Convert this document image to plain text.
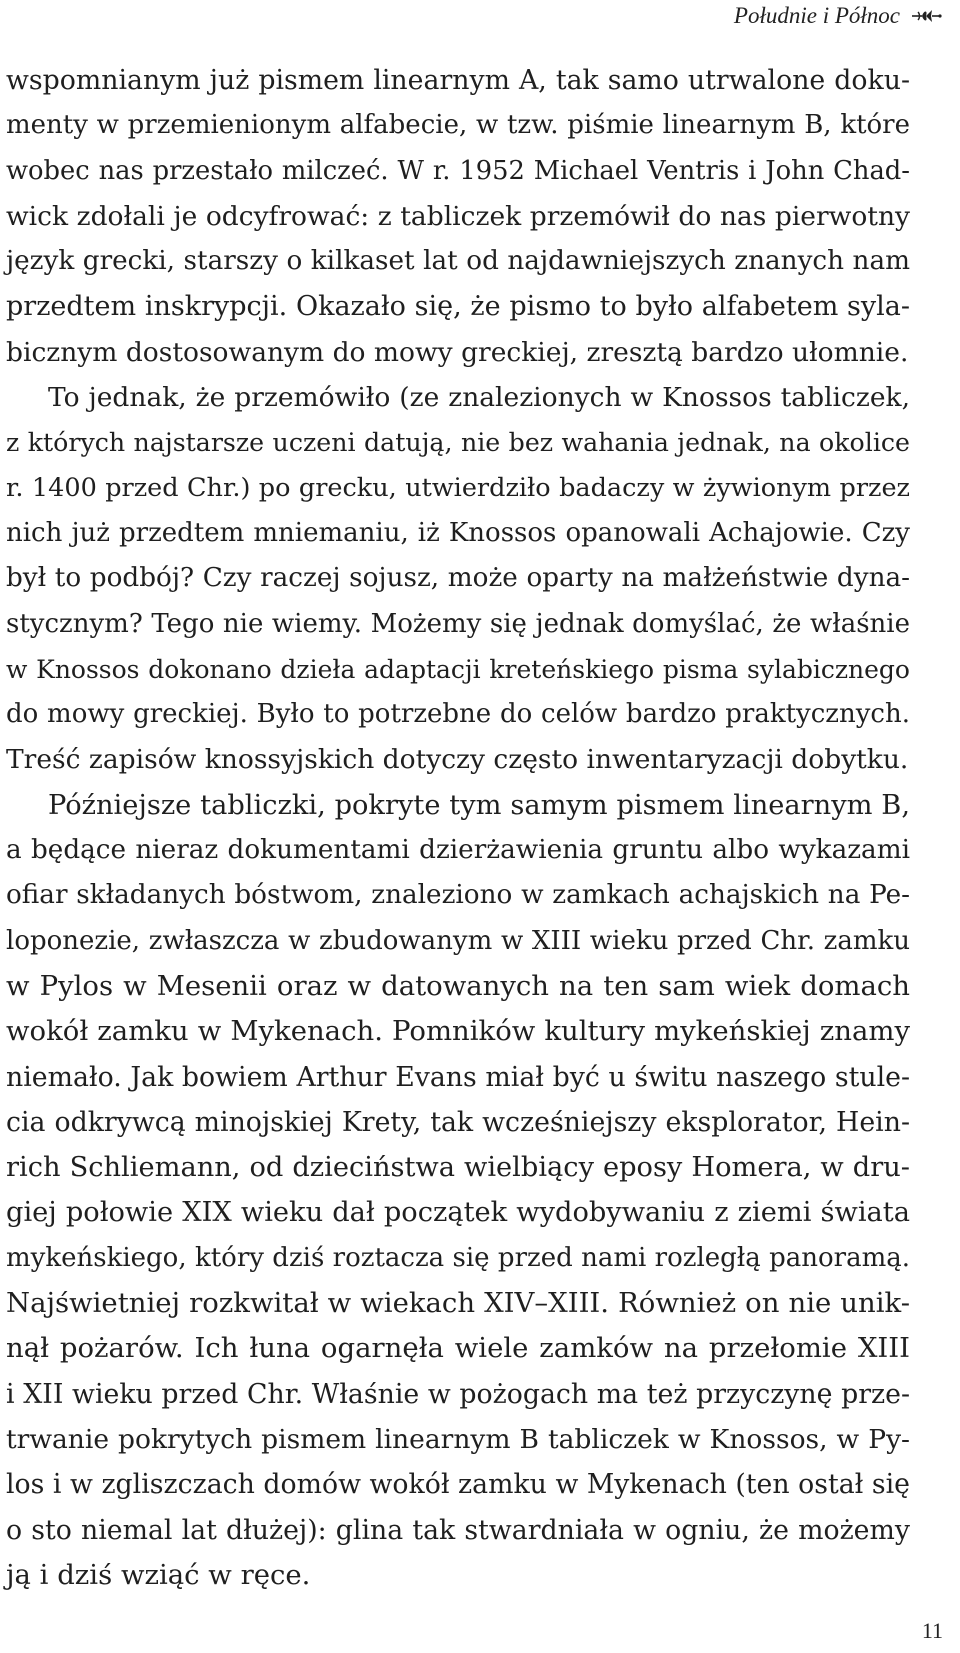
Południe i Północ
wspomnianym już pismem linearnym A, tak samo utrwalone doku-
menty w przemienionym alfabecie, w tzw. piśmie linearnym B, które
wobec nas przestało milczeć. W r. 1952 Michael Ventris i John Chad-
wick zdołali je odcyfrować: z tabliczek przemówił do nas pierwotny
język grecki, starszy o kilkaset lat od najdawniejszych znanych nam
przedtem inskrypcji. Okazało się, że pismo to było alfabetem syla-
bicznym dostosowanym do mowy greckiej, zresztą bardzo ułomnie.
To jednak, że przemówiło (ze znalezionych w Knossos tabliczek,
z których najstarsze uczeni datują, nie bez wahania jednak, na okolice
r. 1400 przed Chr.) po grecku, utwierdziło badaczy w żywionym przez
nich już przedtem mniemaniu, iż Knossos opanowali Achajowie. Czy
był to podbój? Czy raczej sojusz, może oparty na małżeństwie dyna-
stycznym? Tego nie wiemy. Możemy się jednak domyślać, że właśnie
w Knossos dokonano dzieła adaptacji kreteńskiego pisma sylabicznego
do mowy greckiej. Było to potrzebne do celów bardzo praktycznych.
Treść zapisów knossyjskich dotyczy często inwentaryzacji dobytku.
Późniejsze tabliczki, pokryte tym samym pismem linearnym B,
a będące nieraz dokumentami dzierżawienia gruntu albo wykazami
ofiar składanych bóstwom, znaleziono w zamkach achajskich na Pe-
loponezie, zwłaszcza w zbudowanym w XIII wieku przed Chr. zamku
w Pylos w Mesenii oraz w datowanych na ten sam wiek domach
wokół zamku w Mykenach. Pomników kultury mykeńskiej znamy
niemało. Jak bowiem Arthur Evans miał być u świtu naszego stule-
cia odkrywcą minojskiej Krety, tak wcześniejszy eksplorator, Hein-
rich Schliemann, od dzieciństwa wielbiący eposy Homera, w dru-
giej połowie XIX wieku dał początek wydobywaniu z ziemi świata
mykeńskiego, który dziś roztacza się przed nami rozległą panoramą.
Najświetniej rozkwitał w wiekach XIV–XIII. Również on nie unik-
nął pożarów. Ich łuna ogarnęła wiele zamków na przełomie XIII
i XII wieku przed Chr. Właśnie w pożogach ma też przyczynę prze-
trwanie pokrytych pismem linearnym B tabliczek w Knossos, w Py-
los i w zgliszczach domów wokół zamku w Mykenach (ten ostał się
o sto niemal lat dłużej): glina tak stwardniała w ogniu, że możemy
ją i dziś wziąć w ręce.
11
